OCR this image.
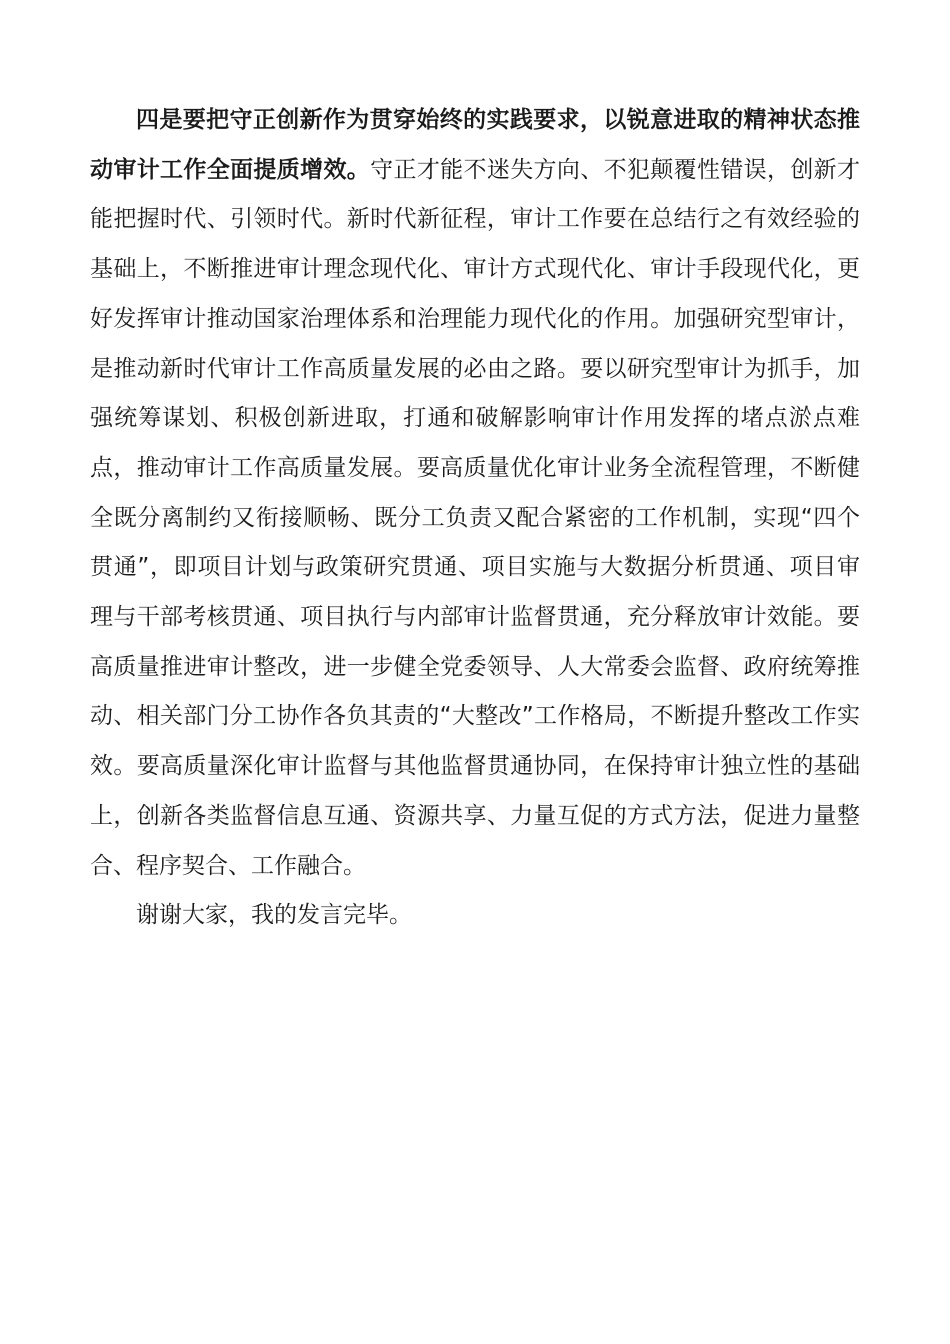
四是要把守正创新作为贯穿始终的实践要求，以锐意进取的精神状态推动审计工作全面提质增效。守正才能不迷失方向、不犯颠覆性错误，创新才能把握时代、引领时代。新时代新征程，审计工作要在总结行之有效经验的基础上，不断推进审计理念现代化、审计方式现代化、审计手段现代化，更好发挥审计推动国家治理体系和治理能力现代化的作用。加强研究型审计，是推动新时代审计工作高质量发展的必由之路。要以研究型审计为抓手，加强统筹谋划、积极创新进取，打通和破解影响审计作用发挥的堵点淤点难点，推动审计工作高质量发展。要高质量优化审计业务全流程管理，不断健全既分离制约又衔接顺畅、既分工负责又配合紧密的工作机制，实现“四个贯通”，即项目计划与政策研究贯通、项目实施与大数据分析贯通、项目审理与干部考核贯通、项目执行与内部审计监督贯通，充分释放审计效能。要高质量推进审计整改，进一步健全党委领导、人大常委会监督、政府统筹推动、相关部门分工协作各负其责的“大整改”工作格局，不断提升整改工作实效。要高质量深化审计监督与其他监督贯通协同，在保持审计独立性的基础上，创新各类监督信息互通、资源共享、力量互促的方式方法，促进力量整合、程序契合、工作融合。

谢谢大家，我的发言完毕。
